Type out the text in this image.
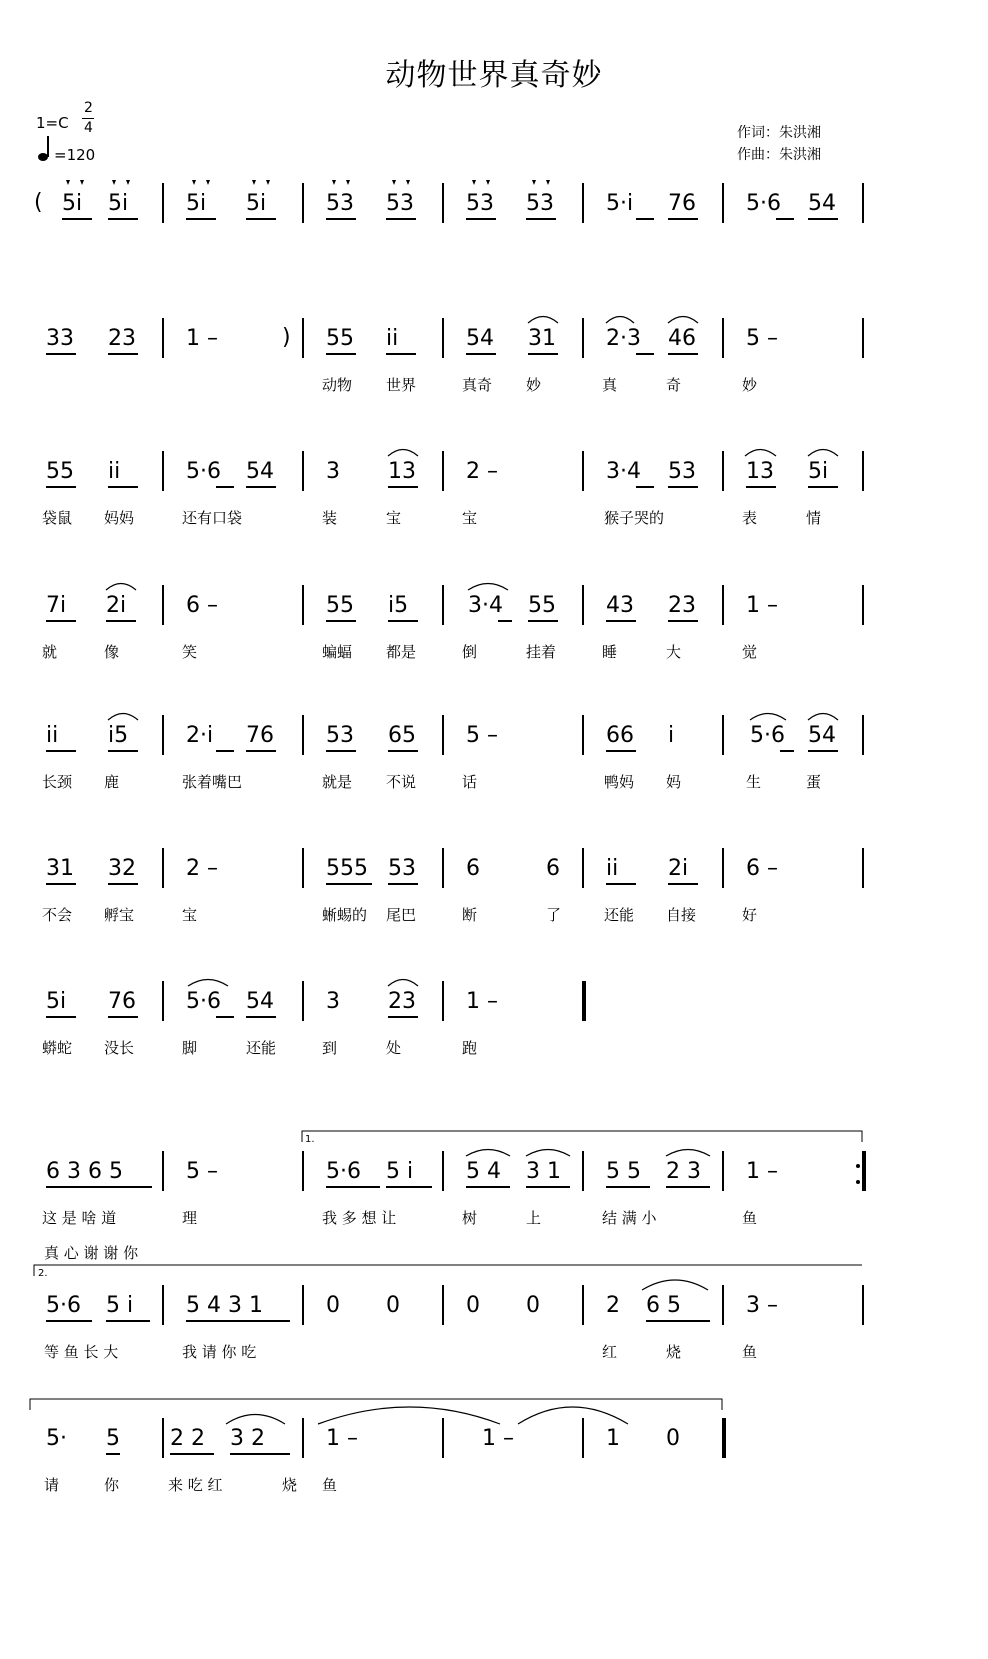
动物世界真奇妙
1=C
2
4
=120
作词：朱洪湘
作曲：朱洪湘
5i 5i	5i 5i	53 53 53 53 5·i 76 5·6 54
33 23 1 –	55 ii	54 31 2·3 46 5 –
动物 世界	真奇 妙	真	奇	妙
55 ii	5·6 54 3 13 2 –	3·4 53 13 5i
袋鼠 妈妈	还有口袋	装	宝	宝	猴子哭的	表	情
7i 2i	6 –	55 i5	3·4 55 43 23 1 –
就	像	笑	蝙蝠 都是	倒	挂着	睡	大	觉
ii i5	2·i 76 53 65 5 –	66 i	5·6 54
长颈 鹿	张着嘴巴	就是 不说	话	鸭妈 妈	生	蛋
31 32 2 –	555 53 6	6 ii 2i	6 –
不会 孵宝	宝	蜥蜴的 尾巴	断	了	还能 自接	好
5i 76 5·6 54 3 23 1 –
蟒蛇 没长	脚	还能	到	处	跑
6 3 6 5	5 –	5·6 5 i 5 4 3 1 5 5 2 3 1 –
这 是 啥 道	理	我 多 想 让	树	上	结 满 小	鱼
5·6 5 i 5 4 3 1	0 0	0 0	2 6 5	3 –
等 鱼 长 大	我 请 你 吃	红	烧	鱼
5· 5 2 2 3 2	1 –	1 –	1 0
请	你	来 吃 红	烧 鱼
1.
2.
真 心 谢 谢 你
(
)
